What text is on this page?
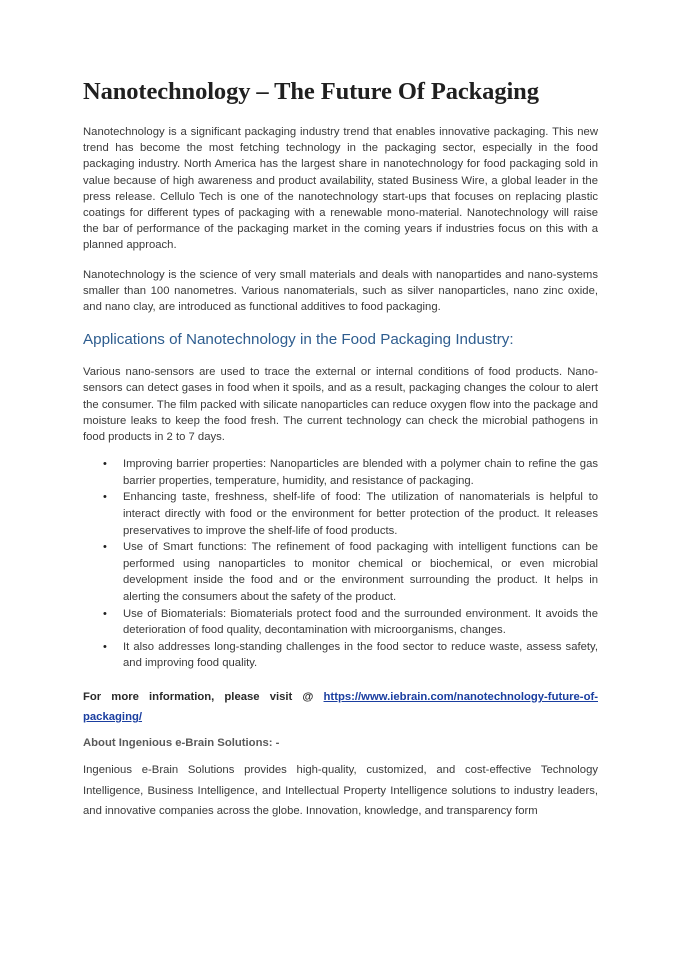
Nanotechnology – The Future Of Packaging

Nanotechnology is a significant packaging industry trend that enables innovative packaging. This new trend has become the most fetching technology in the packaging sector, especially in the food packaging industry. North America has the largest share in nanotechnology for food packaging sold in value because of high awareness and product availability, stated Business Wire, a global leader in the press release. Cellulo Tech is one of the nanotechnology start-ups that focuses on replacing plastic coatings for different types of packaging with a renewable mono-material. Nanotechnology will raise the bar of performance of the packaging market in the coming years if industries focus on this with a planned approach.

Nanotechnology is the science of very small materials and deals with nanopartides and nano-systems smaller than 100 nanometres. Various nanomaterials, such as silver nanoparticles, nano zinc oxide, and nano clay, are introduced as functional additives to food packaging.

Applications of Nanotechnology in the Food Packaging Industry:

Various nano-sensors are used to trace the external or internal conditions of food products. Nano-sensors can detect gases in food when it spoils, and as a result, packaging changes the colour to alert the consumer. The film packed with silicate nanoparticles can reduce oxygen flow into the package and moisture leaks to keep the food fresh. The current technology can check the microbial pathogens in food products in 2 to 7 days.

• Improving barrier properties: Nanoparticles are blended with a polymer chain to refine the gas barrier properties, temperature, humidity, and resistance of packaging.
• Enhancing taste, freshness, shelf-life of food: The utilization of nanomaterials is helpful to interact directly with food or the environment for better protection of the product. It releases preservatives to improve the shelf-life of food products.
• Use of Smart functions: The refinement of food packaging with intelligent functions can be performed using nanoparticles to monitor chemical or biochemical, or even microbial development inside the food and or the environment surrounding the product. It helps in alerting the consumers about the safety of the product.
• Use of Biomaterials: Biomaterials protect food and the surrounded environment. It avoids the deterioration of food quality, decontamination with microorganisms, changes.
• It also addresses long-standing challenges in the food sector to reduce waste, assess safety, and improving food quality.

For more information, please visit @ https://www.iebrain.com/nanotechnology-future-of-packaging/

About Ingenious e-Brain Solutions: -

Ingenious e-Brain Solutions provides high-quality, customized, and cost-effective Technology Intelligence, Business Intelligence, and Intellectual Property Intelligence solutions to industry leaders, and innovative companies across the globe. Innovation, knowledge, and transparency form
